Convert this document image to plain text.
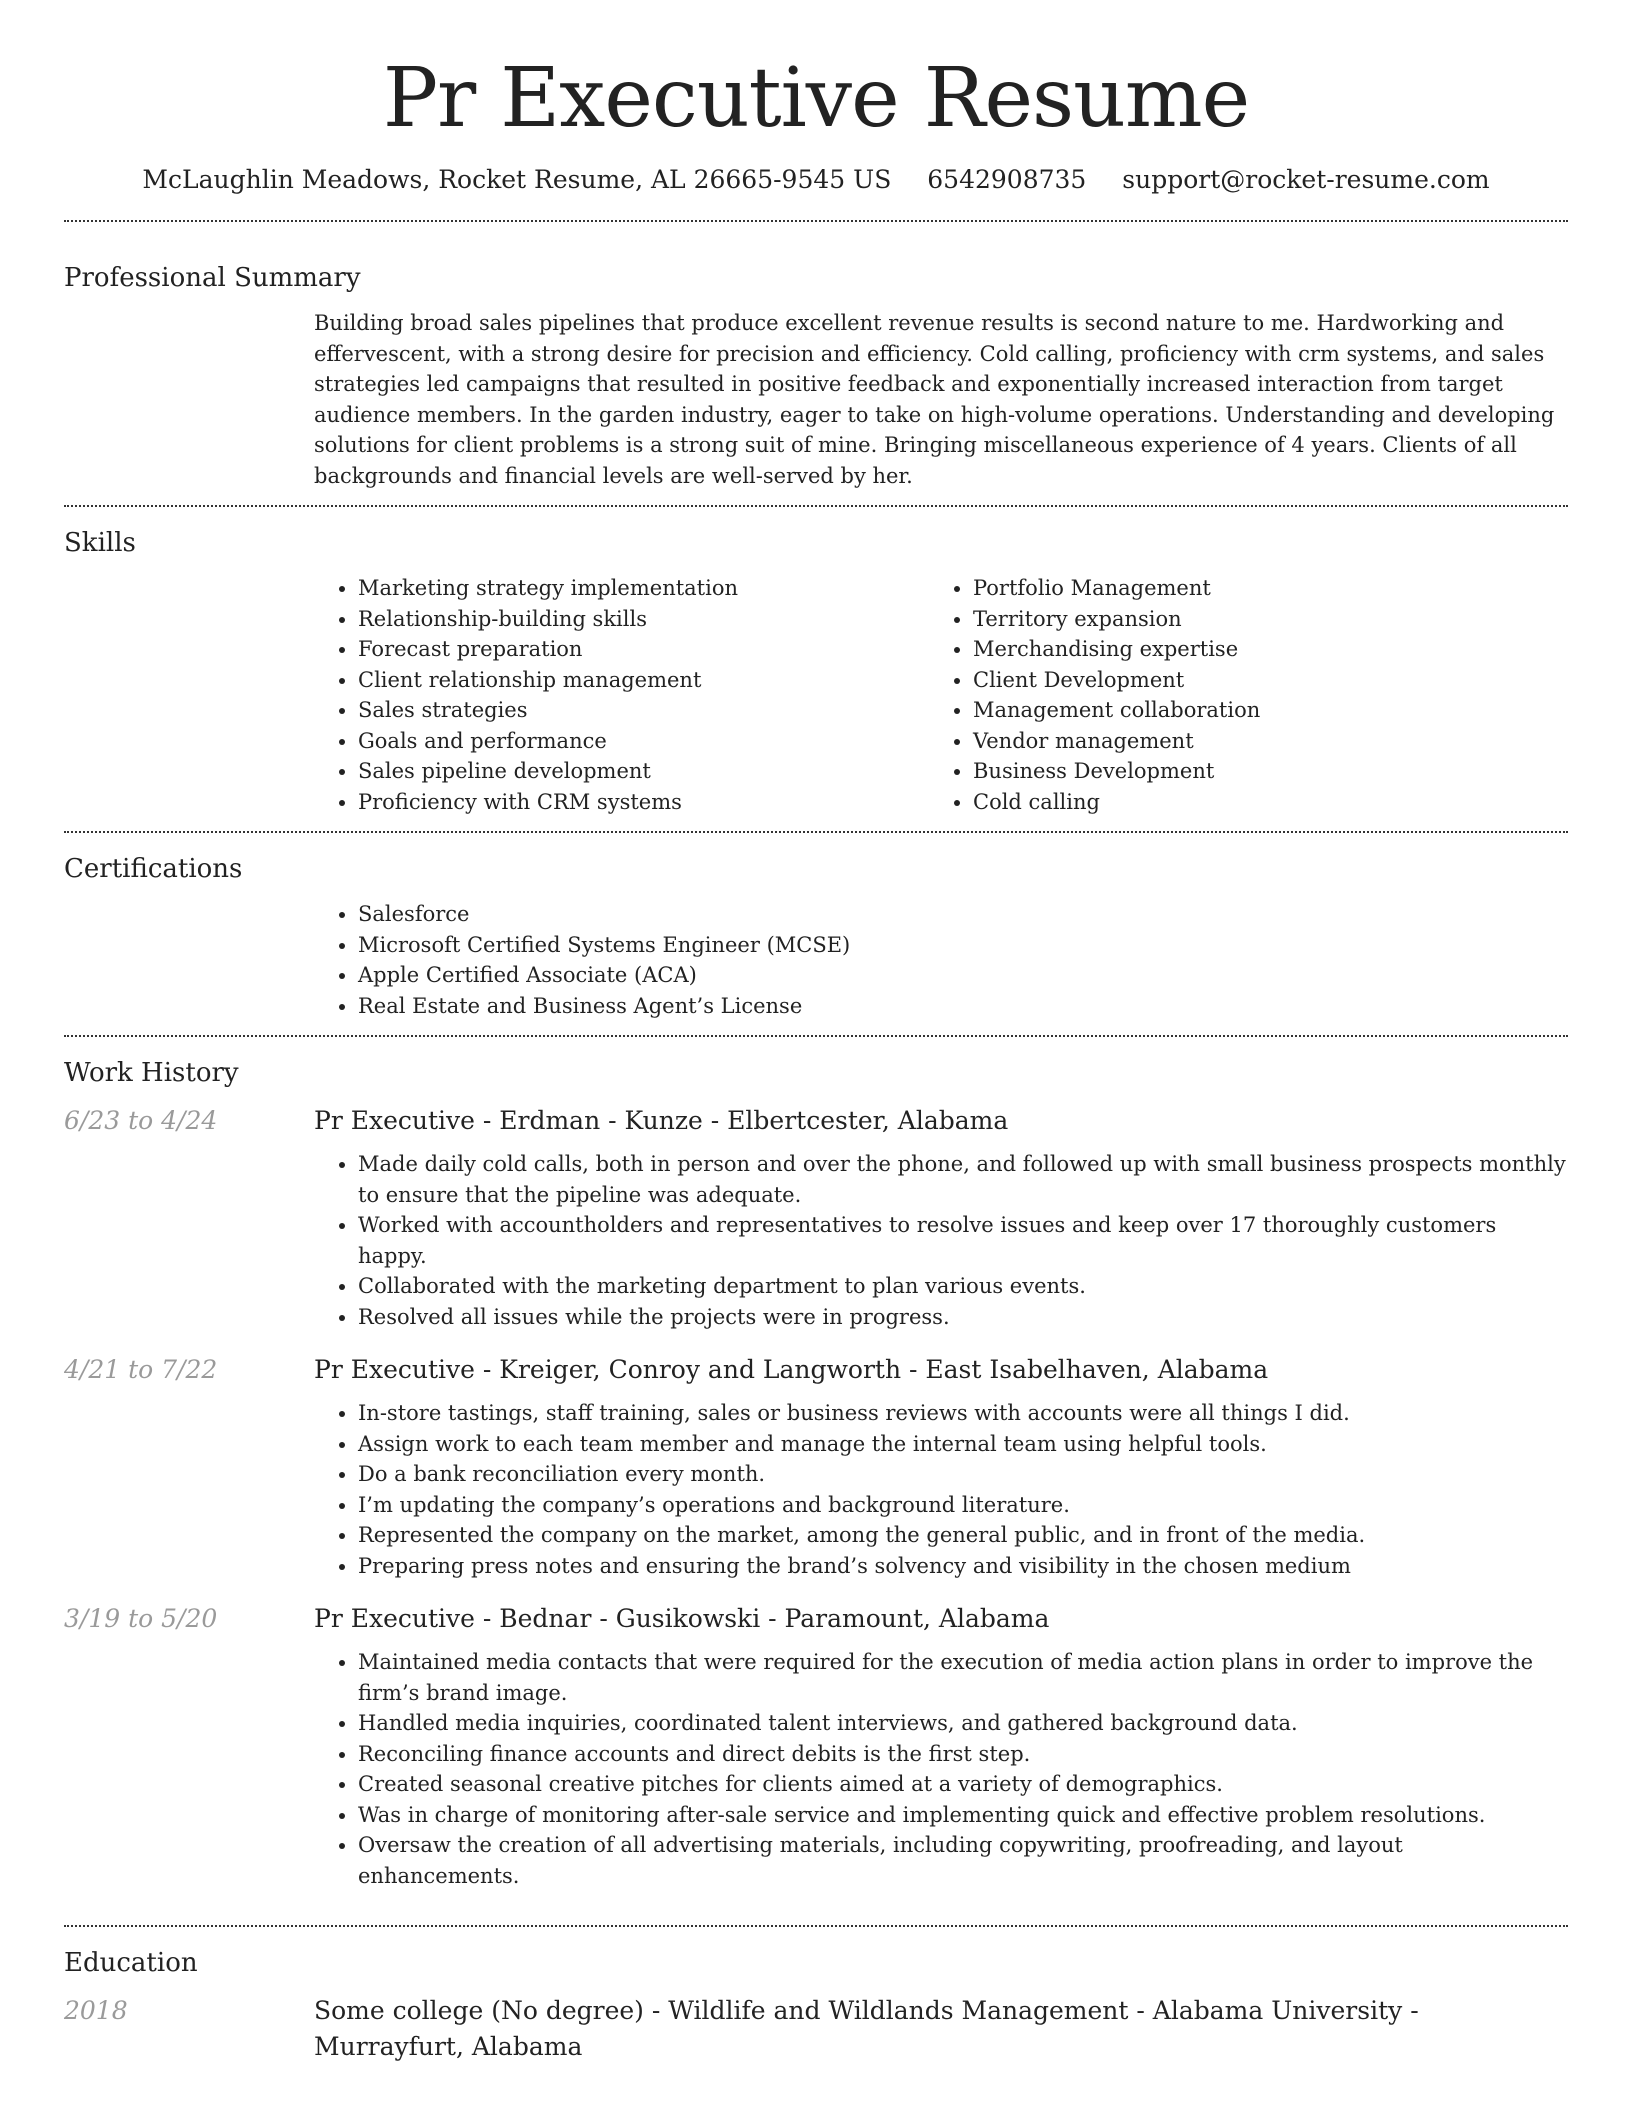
Pr Executive Resume
McLaughlin Meadows, Rocket Resume, AL 26665-9545 US 6542908735 support@rocket-resume.com
Professional Summary

Building broad sales pipelines that produce excellent revenue results is second nature to me. Hardworking and effervescent, with a strong desire for precision and efficiency. Cold calling, proficiency with crm systems, and sales strategies led campaigns that resulted in positive feedback and exponentially increased interaction from target audience members. In the garden industry, eager to take on high-volume operations. Understanding and developing solutions for client problems is a strong suit of mine. Bringing miscellaneous experience of 4 years. Clients of all backgrounds and financial levels are well-served by her.

Skills
• Marketing strategy implementation
• Relationship-building skills
• Forecast preparation
• Client relationship management
• Sales strategies
• Goals and performance
• Sales pipeline development
• Proficiency with CRM systems
• Portfolio Management
• Territory expansion
• Merchandising expertise
• Client Development
• Management collaboration
• Vendor management
• Business Development
• Cold calling
Certifications
• Salesforce
• Microsoft Certified Systems Engineer (MCSE)
• Apple Certified Associate (ACA)
• Real Estate and Business Agent’s License
Work History
6/23 to 4/24	Pr Executive - Erdman - Kunze - Elbertcester, Alabama
• Made daily cold calls, both in person and over the phone, and followed up with small business prospects monthly to ensure that the pipeline was adequate.
• Worked with accountholders and representatives to resolve issues and keep over 17 thoroughly customers happy.
• Collaborated with the marketing department to plan various events.
• Resolved all issues while the projects were in progress.
4/21 to 7/22	Pr Executive - Kreiger, Conroy and Langworth - East Isabelhaven, Alabama
• In-store tastings, staff training, sales or business reviews with accounts were all things I did.
• Assign work to each team member and manage the internal team using helpful tools.
• Do a bank reconciliation every month.
• I’m updating the company’s operations and background literature.
• Represented the company on the market, among the general public, and in front of the media.
• Preparing press notes and ensuring the brand’s solvency and visibility in the chosen medium
3/19 to 5/20	Pr Executive - Bednar - Gusikowski - Paramount, Alabama
• Maintained media contacts that were required for the execution of media action plans in order to improve the firm’s brand image.
• Handled media inquiries, coordinated talent interviews, and gathered background data.
• Reconciling finance accounts and direct debits is the first step.
• Created seasonal creative pitches for clients aimed at a variety of demographics.
• Was in charge of monitoring after-sale service and implementing quick and effective problem resolutions.
• Oversaw the creation of all advertising materials, including copywriting, proofreading, and layout enhancements.
Education
2018	Some college (No degree) - Wildlife and Wildlands Management - Alabama University - Murrayfurt, Alabama
